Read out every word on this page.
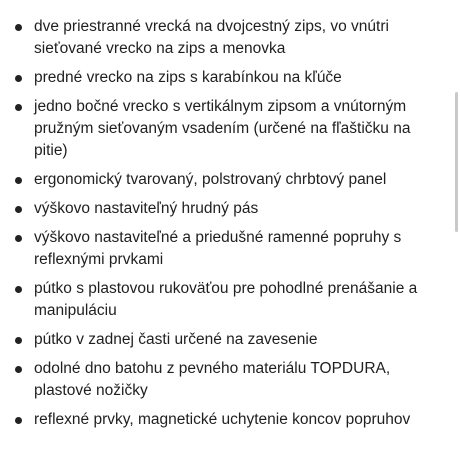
dve priestranné vrecká na dvojcestný zips, vo vnútri sieťované vrecko na zips a menovka
predné vrecko na zips s karabínkou na kľúče
jedno bočné vrecko s vertikálnym zipsom a vnútorným pružným sieťovaným vsadením (určené na fľaštičku na pitie)
ergonomický tvarovaný, polstrovaný chrbtový panel
výškovo nastaviteľný hrudný pás
výškovo nastaviteľné a priedušné ramenné popruhy s reflexnými prvkami
pútko s plastovou rukoväťou pre pohodlné prenášanie a manipuláciu
pútko v zadnej časti určené na zavesenie
odolné dno batohu z pevného materiálu TOPDURA, plastové nožičky
reflexné prvky, magnetické uchytenie koncov popruhov
